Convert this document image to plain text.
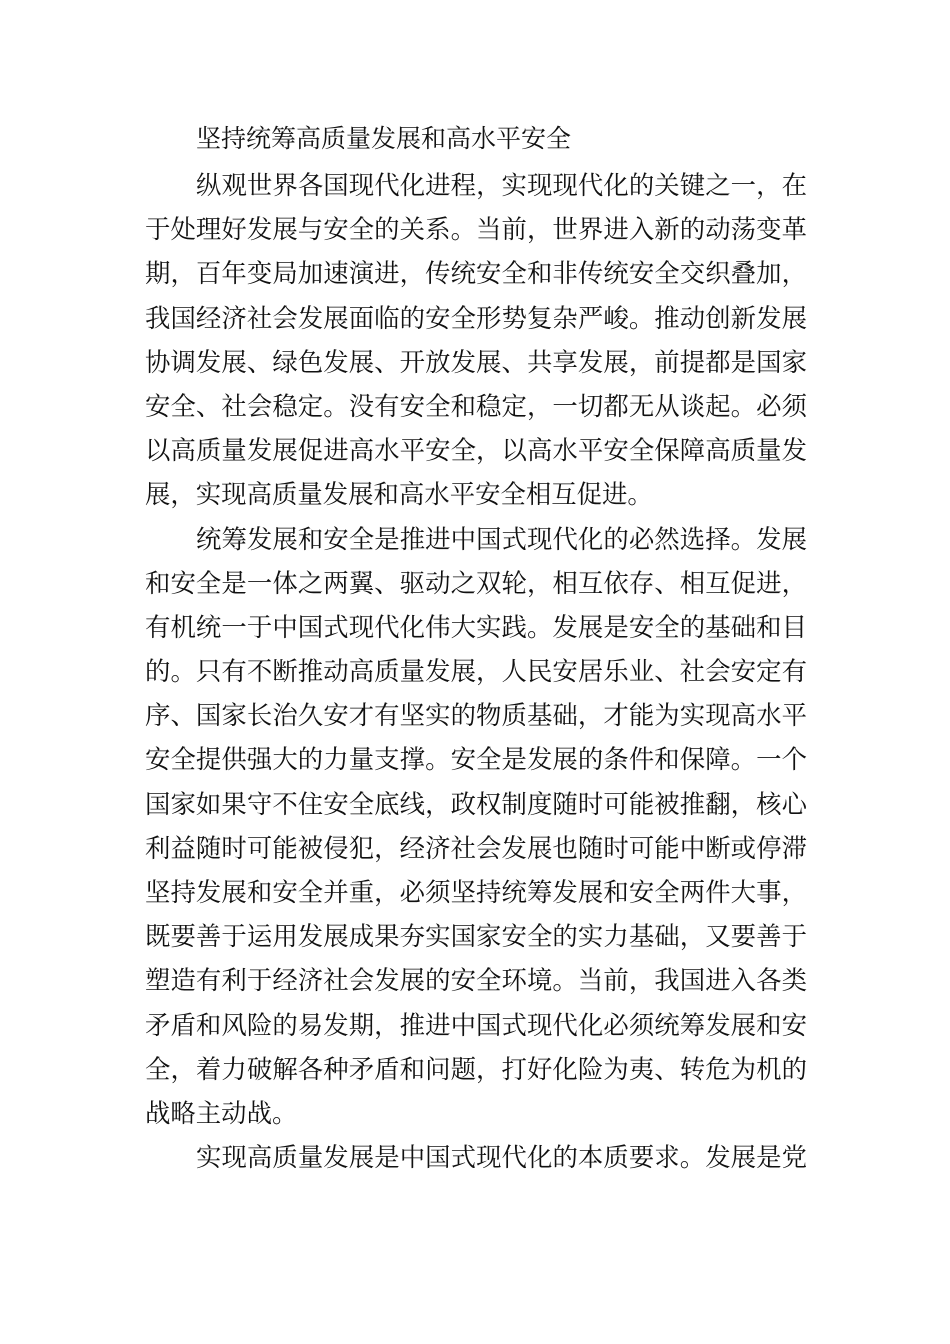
坚持统筹高质量发展和高水平安全
纵观世界各国现代化进程，实现现代化的关键之一，在
于处理好发展与安全的关系。当前，世界进入新的动荡变革
期，百年变局加速演进，传统安全和非传统安全交织叠加，
我国经济社会发展面临的安全形势复杂严峻。推动创新发展
协调发展、绿色发展、开放发展、共享发展，前提都是国家
安全、社会稳定。没有安全和稳定，一切都无从谈起。必须
以高质量发展促进高水平安全，以高水平安全保障高质量发
展，实现高质量发展和高水平安全相互促进。
统筹发展和安全是推进中国式现代化的必然选择。发展
和安全是一体之两翼、驱动之双轮，相互依存、相互促进，
有机统一于中国式现代化伟大实践。发展是安全的基础和目
的。只有不断推动高质量发展，人民安居乐业、社会安定有
序、国家长治久安才有坚实的物质基础，才能为实现高水平
安全提供强大的力量支撑。安全是发展的条件和保障。一个
国家如果守不住安全底线，政权制度随时可能被推翻，核心
利益随时可能被侵犯，经济社会发展也随时可能中断或停滞
坚持发展和安全并重，必须坚持统筹发展和安全两件大事，
既要善于运用发展成果夯实国家安全的实力基础，又要善于
塑造有利于经济社会发展的安全环境。当前，我国进入各类
矛盾和风险的易发期，推进中国式现代化必须统筹发展和安
全，着力破解各种矛盾和问题，打好化险为夷、转危为机的
战略主动战。
实现高质量发展是中国式现代化的本质要求。发展是党
